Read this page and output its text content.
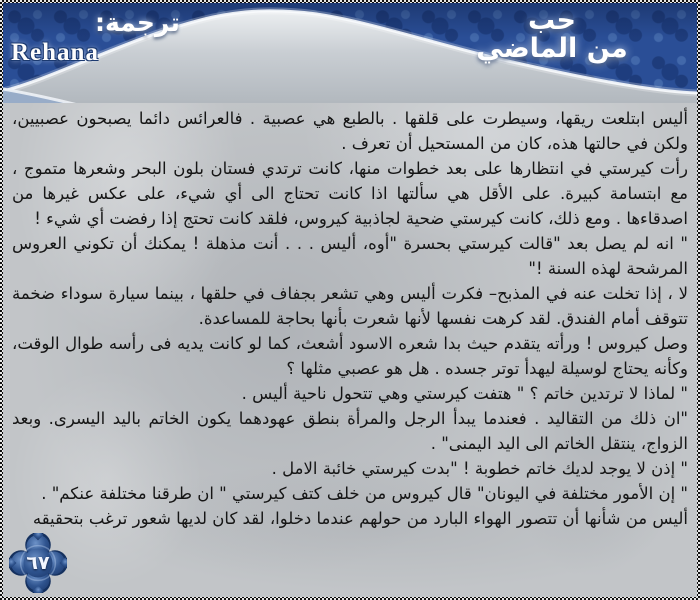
حب
من الماضي
ترجمة:
Rehana

أليس ابتلعت ريقها، وسيطرت على قلقها . بالطبع هي عصبية . فالعرائس دائما يصبحون عصبيين، ولكن في حالتها هذه، كان من المستحيل أن تعرف .

رأت كيرستي في انتظارها على بعد خطوات منها، كانت ترتدي فستان بلون البحر وشعرها متموج ، مع ابتسامة كبيرة. على الأقل هي سألتها اذا كانت تحتاج الى أي شيء، على عكس غيرها من اصدقاءها . ومع ذلك، كانت كيرستي ضحية لجاذبية كيروس، فلقد كانت تحتج إذا رفضت أي شيء !

" انه لم يصل بعد "قالت كيرستي بحسرة "أوه، أليس . . . أنت مذهلة ! يمكنك أن تكوني العروس المرشحة لهذه السنة !"

لا ، إذا تخلت عنه في المذبح– فكرت أليس وهي تشعر بجفاف في حلقها ، بينما سيارة سوداء ضخمة تتوقف أمام الفندق. لقد كرهت نفسها لأنها شعرت بأنها بحاجة للمساعدة.

وصل كيروس ! ورأته يتقدم حيث بدا شعره الاسود أشعث، كما لو كانت يديه فى رأسه طوال الوقت، وكأنه يحتاج لوسيلة ليهدأ توتر جسده . هل هو عصبي مثلها ؟

" لماذا لا ترتدين خاتم ؟ " هتفت كيرستي وهي تتحول ناحية أليس .

"ان ذلك من التقاليد . فعندما يبدأ الرجل والمرأة بنطق عهودهما يكون الخاتم باليد اليسرى. وبعد الزواج، ينتقل الخاتم الى اليد اليمنى" .

" إذن لا يوجد لديك خاتم خطوبة ! "بدت كيرستي خائبة الامل .

" إن الأمور مختلفة في اليونان" قال كيروس من خلف كتف كيرستي " ان طرقنا مختلفة عنكم" .

أليس من شأنها أن تتصور الهواء البارد من حولهم عندما دخلوا، لقد كان لديها شعور ترغب بتحقيقه

٦٧
